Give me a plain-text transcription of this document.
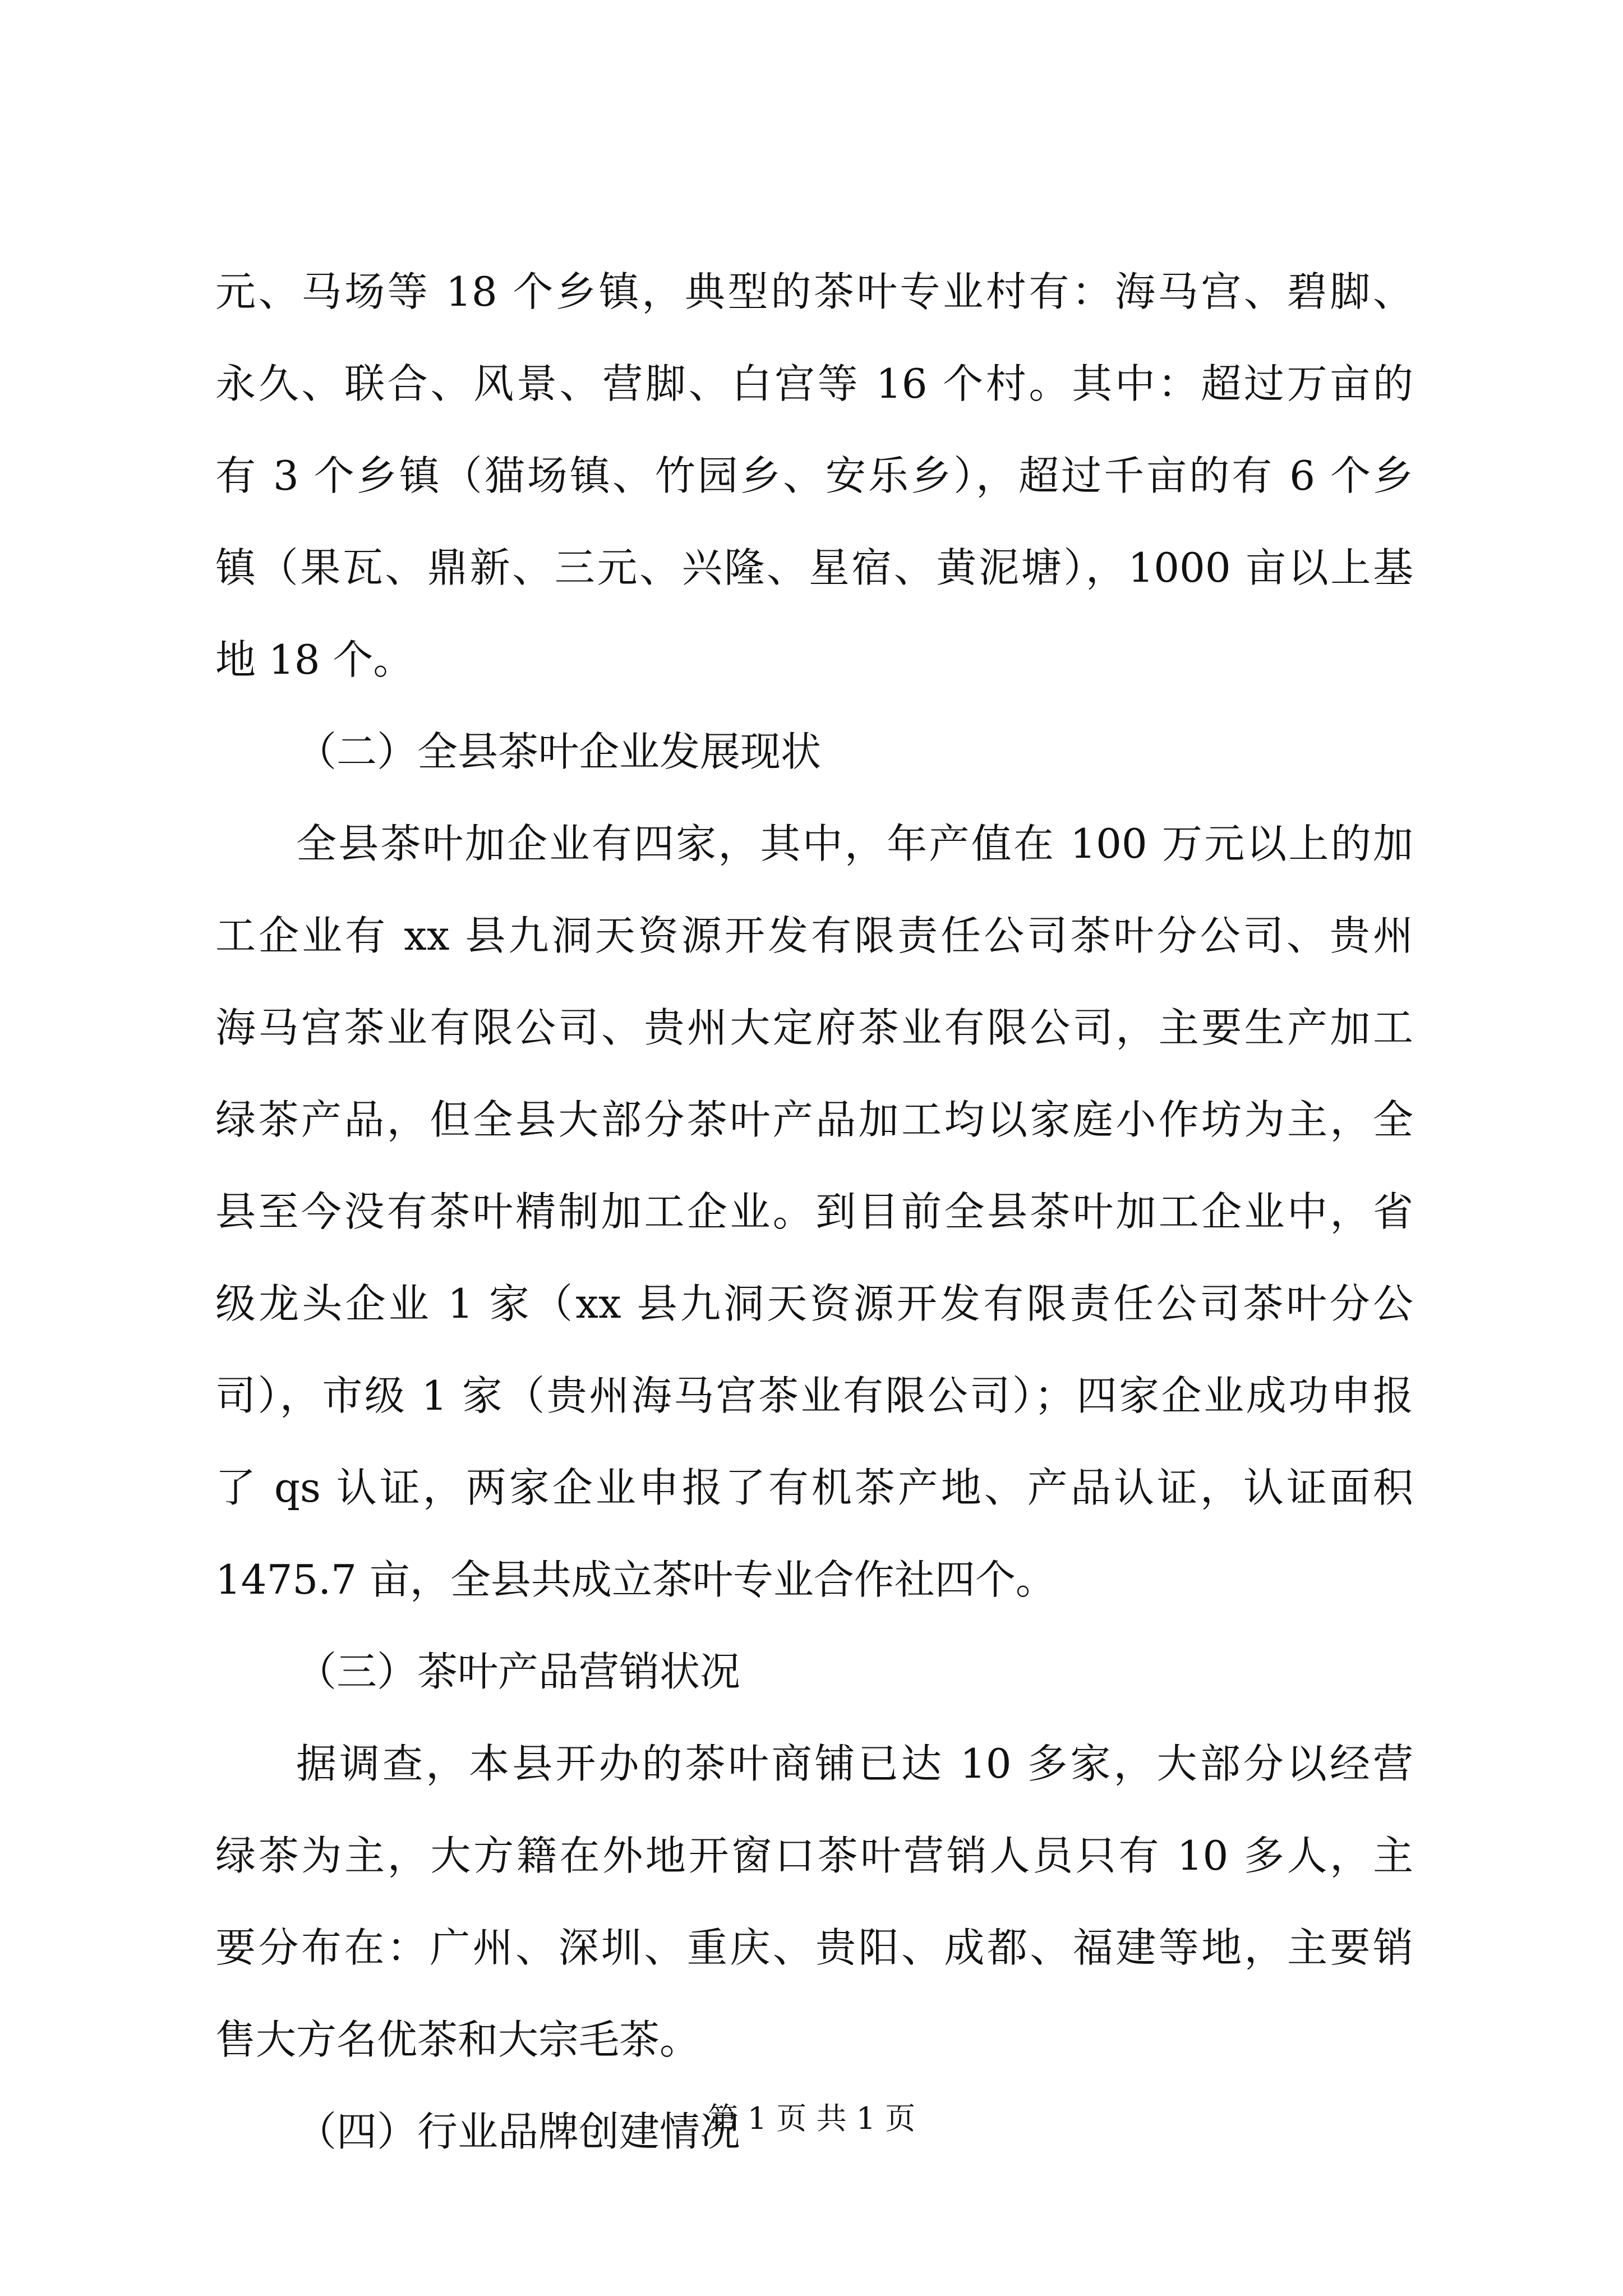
元、马场等 18 个乡镇，典型的茶叶专业村有：海马宫、碧脚、
永久、联合、风景、营脚、白宫等 16 个村。其中：超过万亩的
有 3 个乡镇（猫场镇、竹园乡、安乐乡），超过千亩的有 6 个乡
镇（果瓦、鼎新、三元、兴隆、星宿、黄泥塘），1000 亩以上基
地 18 个。
（二）全县茶叶企业发展现状
全县茶叶加企业有四家，其中，年产值在 100 万元以上的加
工企业有 xx 县九洞天资源开发有限责任公司茶叶分公司、贵州
海马宫茶业有限公司、贵州大定府茶业有限公司，主要生产加工
绿茶产品，但全县大部分茶叶产品加工均以家庭小作坊为主，全
县至今没有茶叶精制加工企业。到目前全县茶叶加工企业中，省
级龙头企业 1 家（xx 县九洞天资源开发有限责任公司茶叶分公
司），市级 1 家（贵州海马宫茶业有限公司）；四家企业成功申报
了 qs 认证，两家企业申报了有机茶产地、产品认证，认证面积
1475.7 亩，全县共成立茶叶专业合作社四个。
（三）茶叶产品营销状况
据调查，本县开办的茶叶商铺已达 10 多家，大部分以经营
绿茶为主，大方籍在外地开窗口茶叶营销人员只有 10 多人，主
要分布在：广州、深圳、重庆、贵阳、成都、福建等地，主要销
售大方名优茶和大宗毛茶。
（四）行业品牌创建情况
第 1 页 共 1 页
